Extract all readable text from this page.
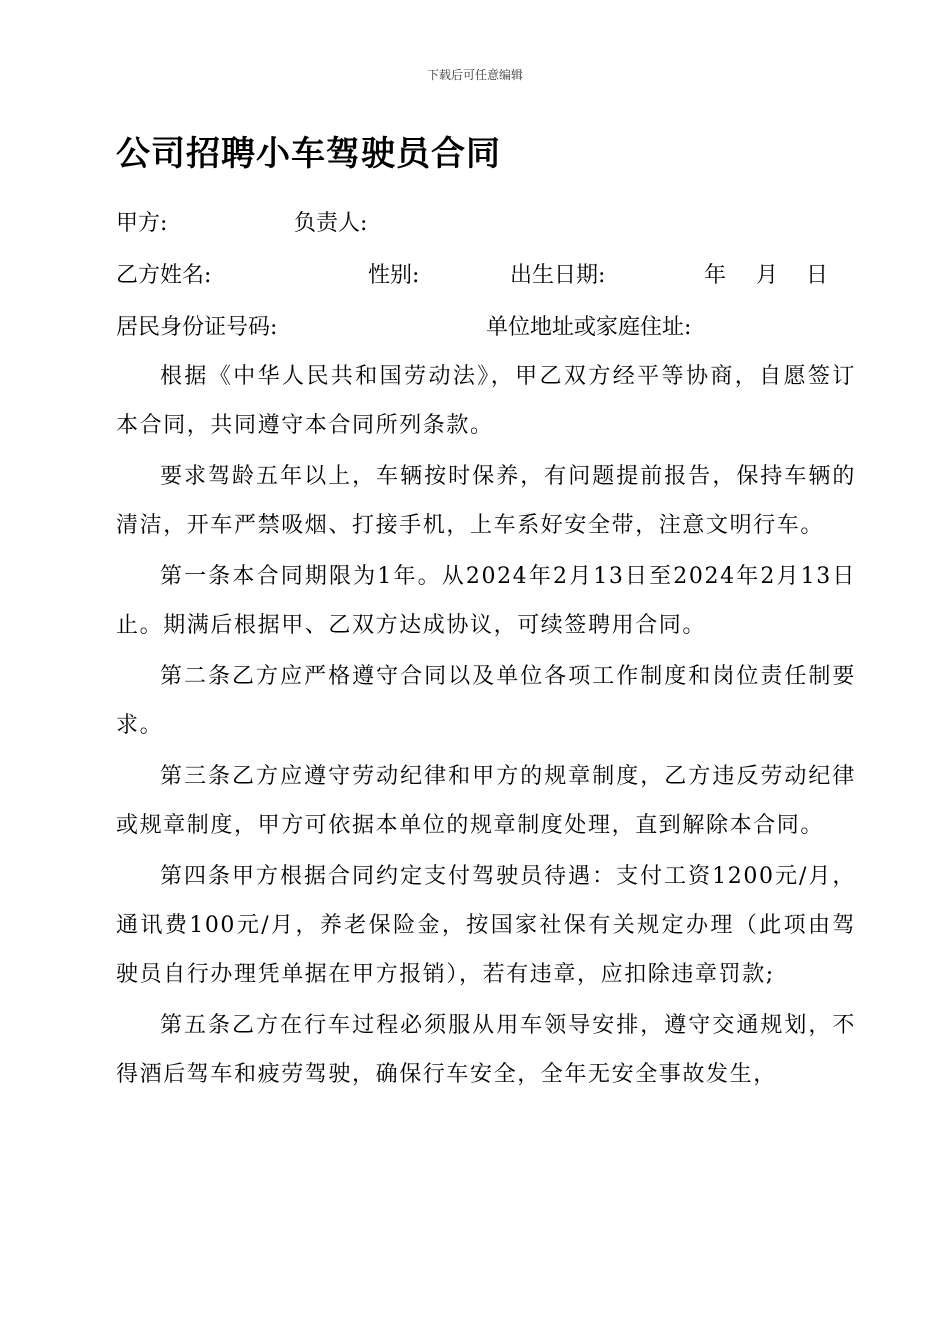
下载后可任意编辑
公司招聘小车驾驶员合同
甲方:	负责人:
乙方姓名:	性别:	出生日期:	年 月 日
居民身份证号码:	单位地址或家庭住址:

根据《中华人民共和国劳动法》，甲乙双方经平等协商，自愿签订本合同，共同遵守本合同所列条款。

要求驾龄五年以上，车辆按时保养，有问题提前报告，保持车辆的清洁，开车严禁吸烟、打接手机，上车系好安全带，注意文明行车。

第一条本合同期限为1年。从2024年2月13日至2024年2月13日止。期满后根据甲、乙双方达成协议，可续签聘用合同。

第二条乙方应严格遵守合同以及单位各项工作制度和岗位责任制要求。

第三条乙方应遵守劳动纪律和甲方的规章制度，乙方违反劳动纪律或规章制度，甲方可依据本单位的规章制度处理，直到解除本合同。

第四条甲方根据合同约定支付驾驶员待遇：支付工资1200元/月，通讯费100元/月，养老保险金，按国家社保有关规定办理（此项由驾驶员自行办理凭单据在甲方报销），若有违章，应扣除违章罚款;

第五条乙方在行车过程必须服从用车领导安排，遵守交通规划，不得酒后驾车和疲劳驾驶，确保行车安全，全年无安全事故发生，
